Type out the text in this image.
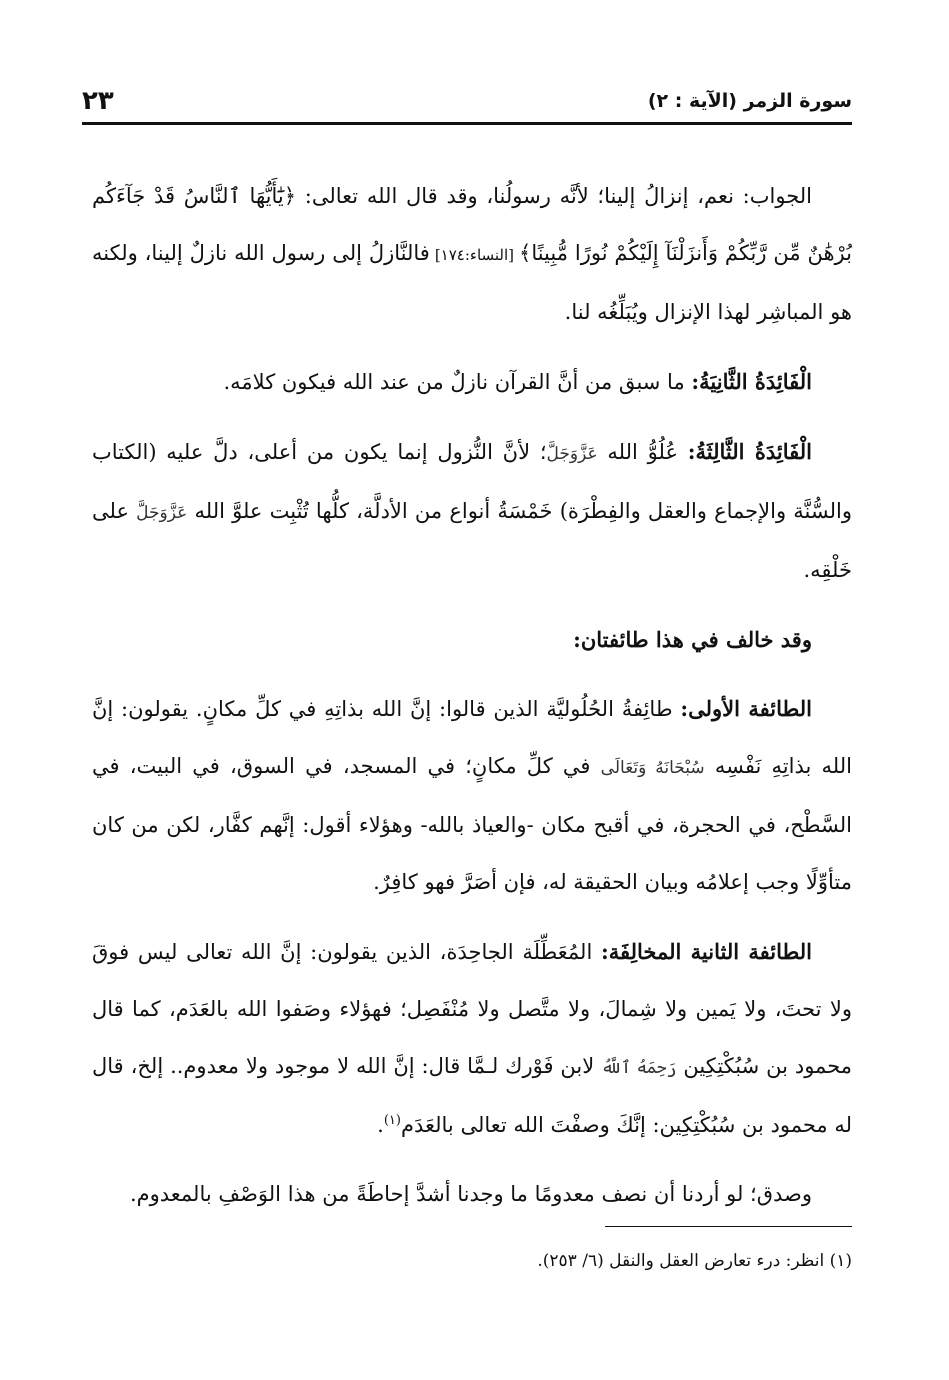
سورة الزمر (الآية : ٢)
٢٣

الجواب: نعم، إنزالُ إلينا؛ لأنَّه رسولُنا، وقد قال الله تعالى: ﴿يَٰٓأَيُّهَا ٱلنَّاسُ قَدْ جَآءَكُم بُرْهَٰنٌ مِّن رَّبِّكُمْ وَأَنزَلْنَآ إِلَيْكُمْ نُورًا مُّبِينًا﴾ [النساء:١٧٤] فالنَّازلُ إلى رسول الله نازلٌ إلينا، ولكنه هو المباشِر لهذا الإنزال ويُبَلِّغُه لنا.

الْفَائِدَةُ الثَّانِيَةُ: ما سبق من أنَّ القرآن نازلٌ من عند الله فيكون كلامَه.

الْفَائِدَةُ الثَّالِثَةُ: عُلُوُّ الله عَزَّوَجَلَّ؛ لأنَّ النُّزول إنما يكون من أعلى، دلَّ عليه (الكتاب والسُّنَّة والإجماع والعقل والفِطْرَة) خَمْسَةُ أنواع من الأدلَّة، كلُّها تُثْبِت علوَّ الله عَزَّوَجَلَّ على خَلْقِه.

وقد خالف في هذا طائفتان:

الطائفة الأولى: طائِفةُ الحُلُوليَّة الذين قالوا: إنَّ الله بذاتِهِ في كلِّ مكانٍ. يقولون: إنَّ الله بذاتِهِ نَفْسِه سُبْحَانَهُ وَتَعَالَى في كلِّ مكانٍ؛ في المسجد، في السوق، في البيت، في السَّطْح، في الحجرة، في أقبح مكان -والعياذ بالله- وهؤلاء أقول: إنَّهم كفَّار، لكن من كان متأوِّلًا وجب إعلامُه وبيان الحقيقة له، فإن أصَرَّ فهو كافِرٌ.

الطائفة الثانية المخالِفَة: المُعَطِّلَة الجاحِدَة، الذين يقولون: إنَّ الله تعالى ليس فوقَ ولا تحتَ، ولا يَمين ولا شِمالَ، ولا متَّصل ولا مُنْفَصِل؛ فهؤلاء وصَفوا الله بالعَدَم، كما قال محمود بن سُبُكْتِكِين رَحِمَهُ ٱللَّهُ لابن فَوْرك لـمَّا قال: إنَّ الله لا موجود ولا معدوم.. إلخ، قال له محمود بن سُبُكْتِكِين: إنَّكَ وصفْتَ الله تعالى بالعَدَم$^{(١)}$.

وصدق؛ لو أردنا أن نصف معدومًا ما وجدنا أشدَّ إحاطَةً من هذا الوَصْفِ بالمعدوم.

(١) انظر: درء تعارض العقل والنقل (٦/ ٢٥٣).
